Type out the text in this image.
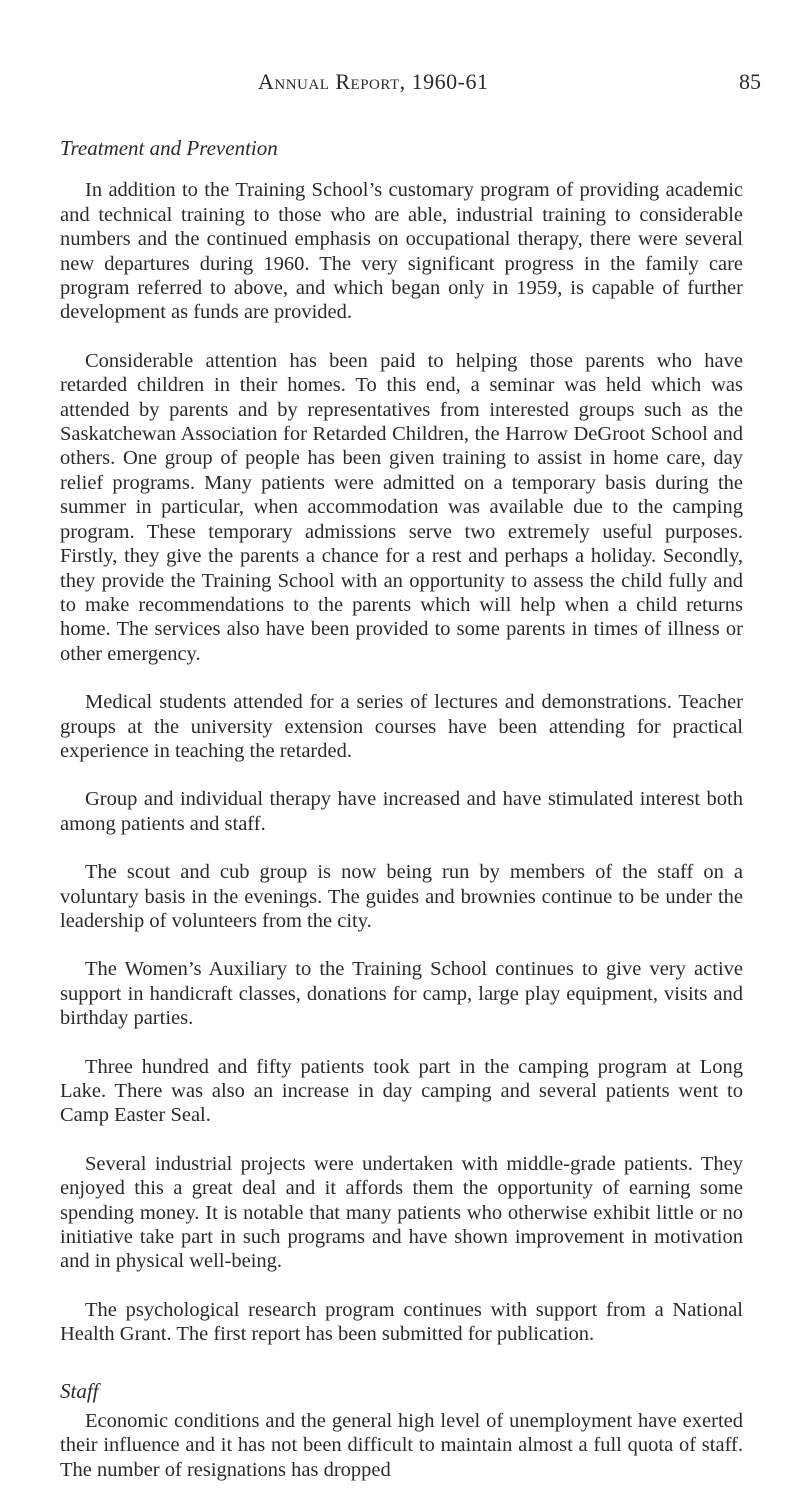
Annual Report, 1960-61	85
Treatment and Prevention

In addition to the Training School’s customary program of providing academic and technical training to those who are able, industrial training to considerable numbers and the continued emphasis on occupational therapy, there were several new departures during 1960. The very significant progress in the family care program referred to above, and which began only in 1959, is capable of further development as funds are provided.

Considerable attention has been paid to helping those parents who have retarded children in their homes. To this end, a seminar was held which was attended by parents and by representatives from interested groups such as the Saskatchewan Association for Retarded Children, the Harrow DeGroot School and others. One group of people has been given training to assist in home care, day relief programs. Many patients were admitted on a temporary basis during the summer in particular, when accommodation was available due to the camping program. These temporary admissions serve two extremely useful purposes. Firstly, they give the parents a chance for a rest and perhaps a holiday. Secondly, they provide the Training School with an opportunity to assess the child fully and to make recommendations to the parents which will help when a child returns home. The services also have been provided to some parents in times of illness or other emergency.

Medical students attended for a series of lectures and demonstrations. Teacher groups at the university extension courses have been attending for practical experience in teaching the retarded.

Group and individual therapy have increased and have stimulated interest both among patients and staff.

The scout and cub group is now being run by members of the staff on a voluntary basis in the evenings. The guides and brownies continue to be under the leadership of volunteers from the city.

The Women’s Auxiliary to the Training School continues to give very active support in handicraft classes, donations for camp, large play equipment, visits and birthday parties.

Three hundred and fifty patients took part in the camping program at Long Lake. There was also an increase in day camping and several patients went to Camp Easter Seal.

Several industrial projects were undertaken with middle-grade patients. They enjoyed this a great deal and it affords them the opportunity of earning some spending money. It is notable that many patients who otherwise exhibit little or no initiative take part in such programs and have shown improvement in motivation and in physical well-being.

The psychological research program continues with support from a National Health Grant. The first report has been submitted for publication.

Staff

Economic conditions and the general high level of unemployment have exerted their influence and it has not been difficult to maintain almost a full quota of staff. The number of resignations has dropped
